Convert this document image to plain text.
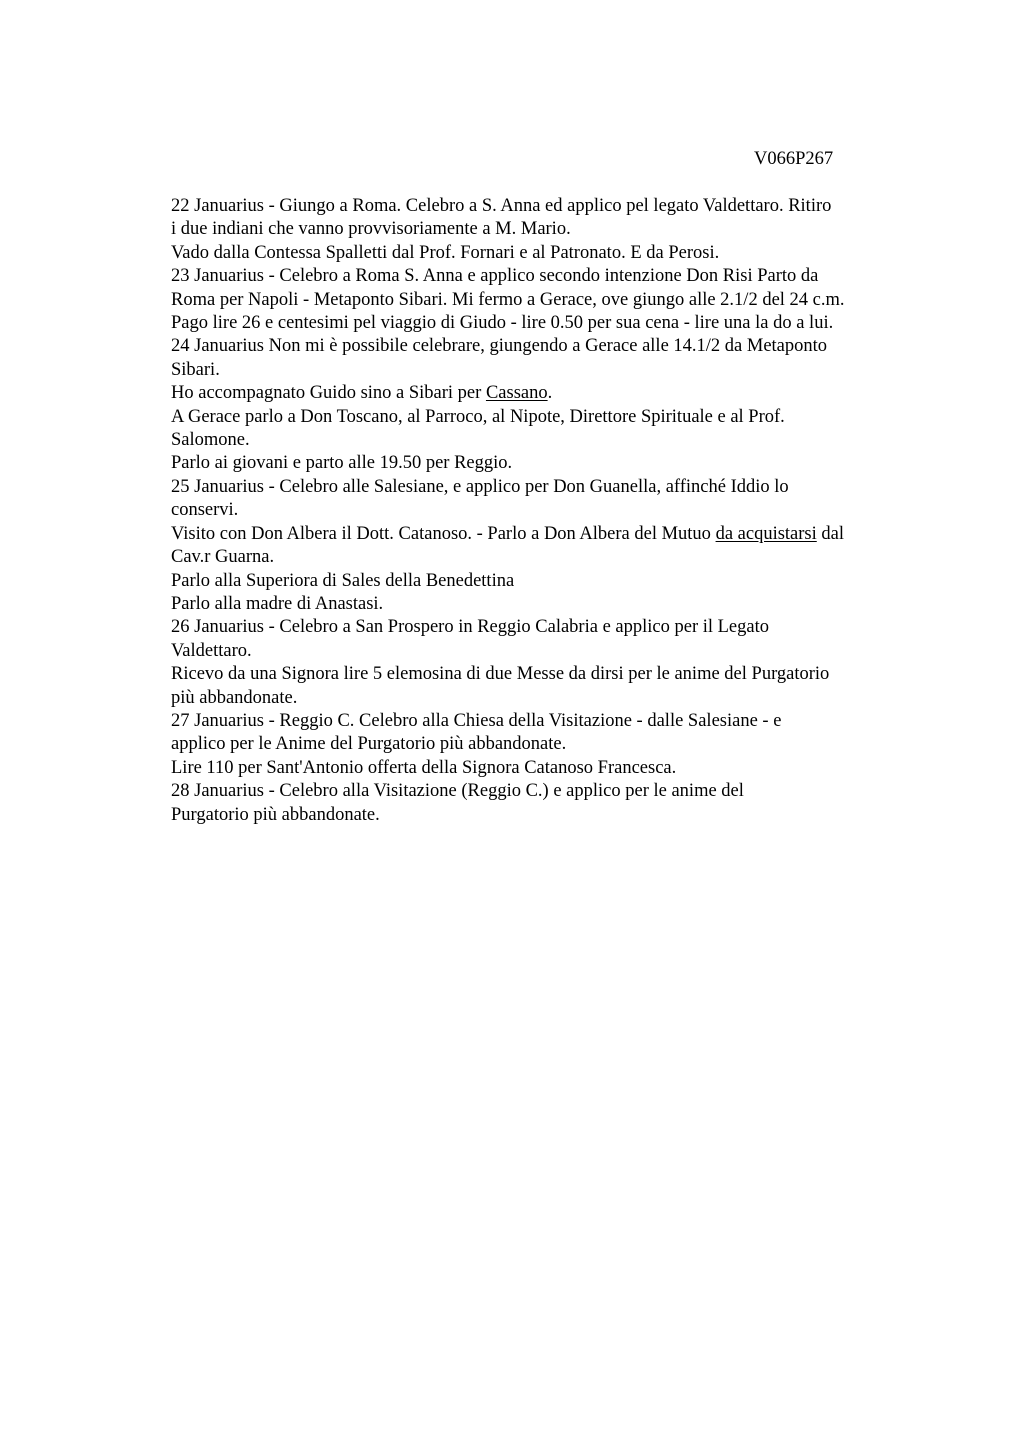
V066P267
22 Januarius - Giungo a Roma. Celebro a S. Anna ed applico pel legato Valdettaro. Ritiro
i due indiani che vanno provvisoriamente a M. Mario.
Vado dalla Contessa Spalletti dal Prof. Fornari e al Patronato. E da Perosi.
23 Januarius - Celebro a Roma S. Anna e applico secondo intenzione Don Risi Parto da
Roma per Napoli - Metaponto Sibari. Mi fermo a Gerace, ove giungo alle 2.1/2 del 24 c.m.
Pago lire 26 e centesimi pel viaggio di Giudo - lire 0.50 per sua cena - lire una la do a lui.
24 Januarius Non mi è possibile celebrare, giungendo a Gerace alle 14.1/2 da Metaponto
Sibari.
Ho accompagnato Guido sino a Sibari per Cassano.
A Gerace parlo a Don Toscano, al Parroco, al Nipote, Direttore Spirituale e al Prof.
Salomone.
Parlo ai giovani e parto alle 19.50 per Reggio.
25 Januarius - Celebro alle Salesiane, e applico per Don Guanella, affinché Iddio lo
conservi.
Visito con Don Albera il Dott. Catanoso. - Parlo a Don Albera del Mutuo da acquistarsi dal
Cav.r Guarna.
Parlo alla Superiora di Sales della Benedettina
Parlo alla madre di Anastasi.
26 Januarius - Celebro a San Prospero in Reggio Calabria e applico per il Legato
Valdettaro.
Ricevo da una Signora lire 5 elemosina di due Messe da dirsi per le anime del Purgatorio
più abbandonate.
27 Januarius - Reggio C. Celebro alla Chiesa della Visitazione - dalle Salesiane - e
applico per le Anime del Purgatorio più abbandonate.
Lire 110 per Sant'Antonio offerta della Signora Catanoso Francesca.
28 Januarius - Celebro alla Visitazione (Reggio C.) e applico per le anime del
Purgatorio più abbandonate.
